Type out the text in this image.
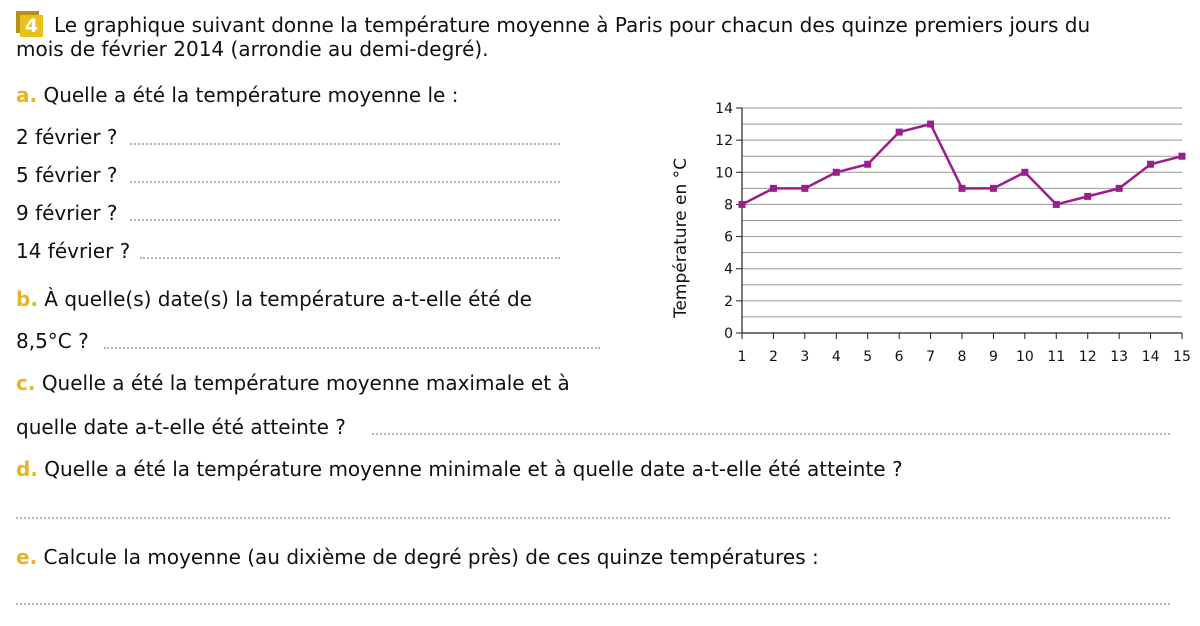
4 Le graphique suivant donne la température moyenne à Paris pour chacun des quinze premiers jours du
mois de février 2014 (arrondie au demi-degré).
a. Quelle a été la température moyenne le :
2 février ?
5 février ?
9 février ?
14 février ?
b. À quelle(s) date(s) la température a-t-elle été de
8,5°C ?
c. Quelle a été la température moyenne maximale et à
quelle date a-t-elle été atteinte ?
d. Quelle a été la température moyenne minimale et à quelle date a-t-elle été atteinte ?
e. Calcule la moyenne (au dixième de degré près) de ces quinze températures :
0
2
4
6
8
10
12
14
1 2 3 4 5 6 7 8 9 10 11 12 13 14 15
Température en °C
